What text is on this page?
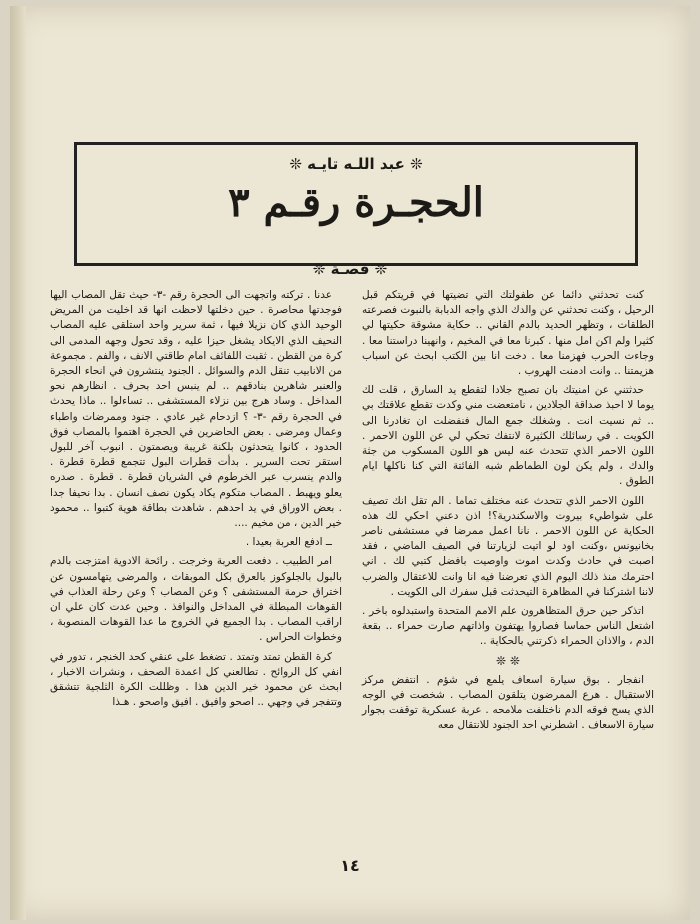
❊ عبد اللـه تايـه ❊
الحجـرة رقـم ٣
❊ قصـة ❊

كنت تحدثني دائما عن طفولتك التي تضيتها في قريتكم قبل الرحيل ، وكنت تحدثني عن والدك الذي واجه الدبابة بالنبوت فصرعته الطلقات ، وتظهر الحديد بالدم القاني .. حكاية مشوقة حكيتها لي كثيرا ولم اكن امل منها . كبرنا معا في المخيم ، وانهينا دراستنا معا . وجاءت الحرب فهزمنا معا . دخت انا بين الكتب ابحث عن اسباب هزيمتنا .. وانت ادمنت الهروب .

حدثتني عن امنيتك بان تصبح جلادا لتقطع يد السارق ، قلت لك يوما لا احبذ صداقة الجلادين ، نامتعضت مني وكدت تقطع علاقتك بي .. ثم نسيت انت . وشغلك جمع المال فنفضلت ان تغادرنا الى الكويت . في رسائلك الكثيرة لانتفك تحكي لي عن اللون الاحمر . اللون الاحمر الذي تتحدث عنه ليس هو اللون المسكوب من جثة والدك ، ولم يكن لون الطماطم شبه الفائتة التي كنا ناكلها ايام الطوق .

اللون الاحمر الذي تتحدث عنه مختلف تماما . الم تقل انك تصيف على شواطيء بيروت والاسكندرية؟! اذن دعني احكي لك هذه الحكاية عن اللون الاحمر . نانا اعمل ممرضا في مستشفى ناصر بخانيونس ،وكنت اود لو اتيت لزيارتنا في الصيف الماضي ، فقد اصبت في حادث وكدت اموت واوصيت بافضل كتبي لك . اني احترمك منذ ذلك اليوم الذي تعرضنا فيه انا وانت للاعتقال والضرب لاننا اشتركنا في المظاهرة التيحدثت قبل سفرك الى الكويت .

اتذكر حين حرق المتظاهرون علم الامم المتحدة واستبدلوه باخر . اشتعل الناس حماسا فصاروا يهتفون واذاتهم صارت حمراء .. بقعة الدم ، والاذان الحمراء ذكرتني بالحكاية ..

❊ ❊

انفجار . بوق سيارة اسعاف يلمع في شؤم . انتفض مركز الاستقبال . هرع الممرضون يتلقون المصاب . شخصت في الوجه الذي يسح فوقه الدم ناختلفت ملامحه . عربة عسكرية توقفت بجوار سيارة الاسعاف . اشطرني احد الجنود للانتقال معه

عدنا . تركته واتجهت الى الحجرة رقم -٣- حيث تقل المصاب اليها فوجدتها محاصرة . حين دخلتها لاحظت انها قد اخليت من المريض الوحيد الذي كان نزيلا فيها ، ثمة سرير واحد استلقى عليه المصاب النحيف الذي الايكاد يشغل حيزا عليه ، وقد تحول وجهه المدمى الى كرة من القطن . ثقبت اللفائف امام طاقتي الانف ، والفم . مجموعة من الانابيب تنقل الدم والسوائل . الجنود ينتشرون في انحاء الحجرة والعنبر شاهرين بنادقهم .. لم ينبس احد بحرف . انظارهم نحو المداخل . وساد هرج بين نزلاء المستشفى .. تساءلوا .. ماذا يحدث في الحجرة رقم -٣- ؟ ازدحام غير عادي . جنود وممرضات واطباء وعمال ومرضى . بعض الحاضرين في الحجرة اهتموا بالمصاب فوق الحدود ، كانوا يتحدثون بلكنة غريبة ويصمتون . انبوب آخر للبول استقر تحت السرير . بدأت قطرات البول تتجمع قطرة قطرة . والدم ينسرب عبر الخرطوم في الشريان قطرة . قطرة . صدره يعلو ويهبط . المصاب متكوم يكاد يكون نصف انسان . بدا نحيفا جدا . بعض الاوراق في يد احدهم . شاهدت بطاقة هوية كتبوا .. محمود خير الدين ، من مخيم ....

ــ ادفع العربة بعيدا .

امر الطبيب . دفعت العربة وخرجت . رائحة الادوية امتزجت بالدم بالبول بالجلوكوز بالعرق بكل الموبقات ، والمرضى يتهامسون عن اختراق حرمة المستشفى ؟ وعن المصاب ؟ وعن رحلة العذاب في القوهات المبطلة في المداخل والنوافذ . وحين عدت كان علي ان اراقب المصاب . بدا الجميع في الخروج ما عدا القوهات المنصوبة ، وخطوات الحراس .

كرة القطن تمتد وتمتد . تضغط على عنقي كحد الخنجر ، تدور في انفي كل الروائح . تطالعني كل اعمدة الصحف ، ونشرات الاخبار ، ابحث عن محمود خير الدين هذا . وظللت الكرة الثلجية تتشقق وتتفجر في وجهي .. اصحو وافيق . افيق واصحو . هـذا

١٤
